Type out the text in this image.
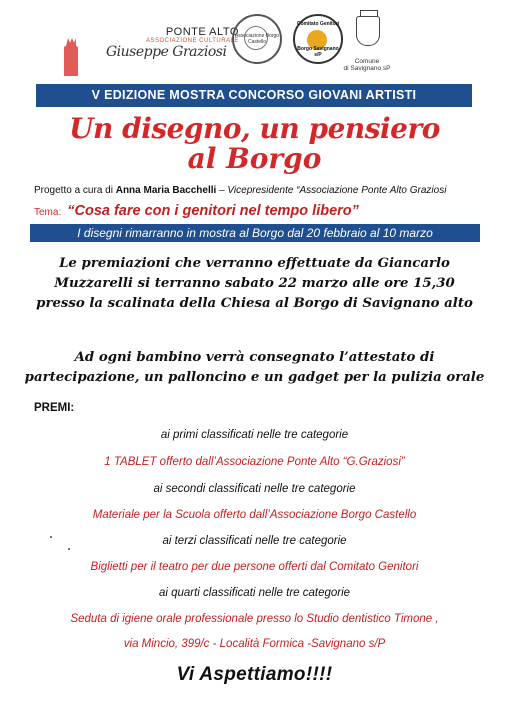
PONTE ALTO
ASSOCIAZIONE CULTURALE
Giuseppe Graziosi
Associazione Borgo Castello
Comitato Genitori
Borgo Savignano s/P
Comune
di Savignano sP
V EDIZIONE MOSTRA CONCORSO GIOVANI ARTISTI
Un disegno, un pensiero
al Borgo
Progetto a cura di Anna Maria Bacchelli – Vicepresidente “Associazione Ponte Alto Graziosi
Tema: “Cosa fare con i genitori nel tempo libero”
I disegni rimarranno in mostra al Borgo dal 20 febbraio al 10 marzo
Le premiazioni che verranno effettuate da Giancarlo
Muzzarelli si terranno sabato 22 marzo alle ore 15,30
presso la scalinata della Chiesa al Borgo di Savignano alto
Ad ogni bambino verrà consegnato l’attestato di
partecipazione, un palloncino e un gadget per la pulizia orale
PREMI:
ai primi classificati nelle tre categorie
1 TABLET offerto dall’Associazione Ponte Alto “G.Graziosi”
ai secondi classificati nelle tre categorie
Materiale per la Scuola offerto dall’Associazione Borgo Castello
ai terzi classificati nelle tre categorie
Biglietti per il teatro per due persone offerti dal Comitato Genitori
ai quarti classificati nelle tre categorie
Seduta di igiene orale professionale presso lo Studio dentistico Timone ,
via Mincio, 399/c - Località Formica -Savignano s/P
Vi Aspettiamo!!!!
